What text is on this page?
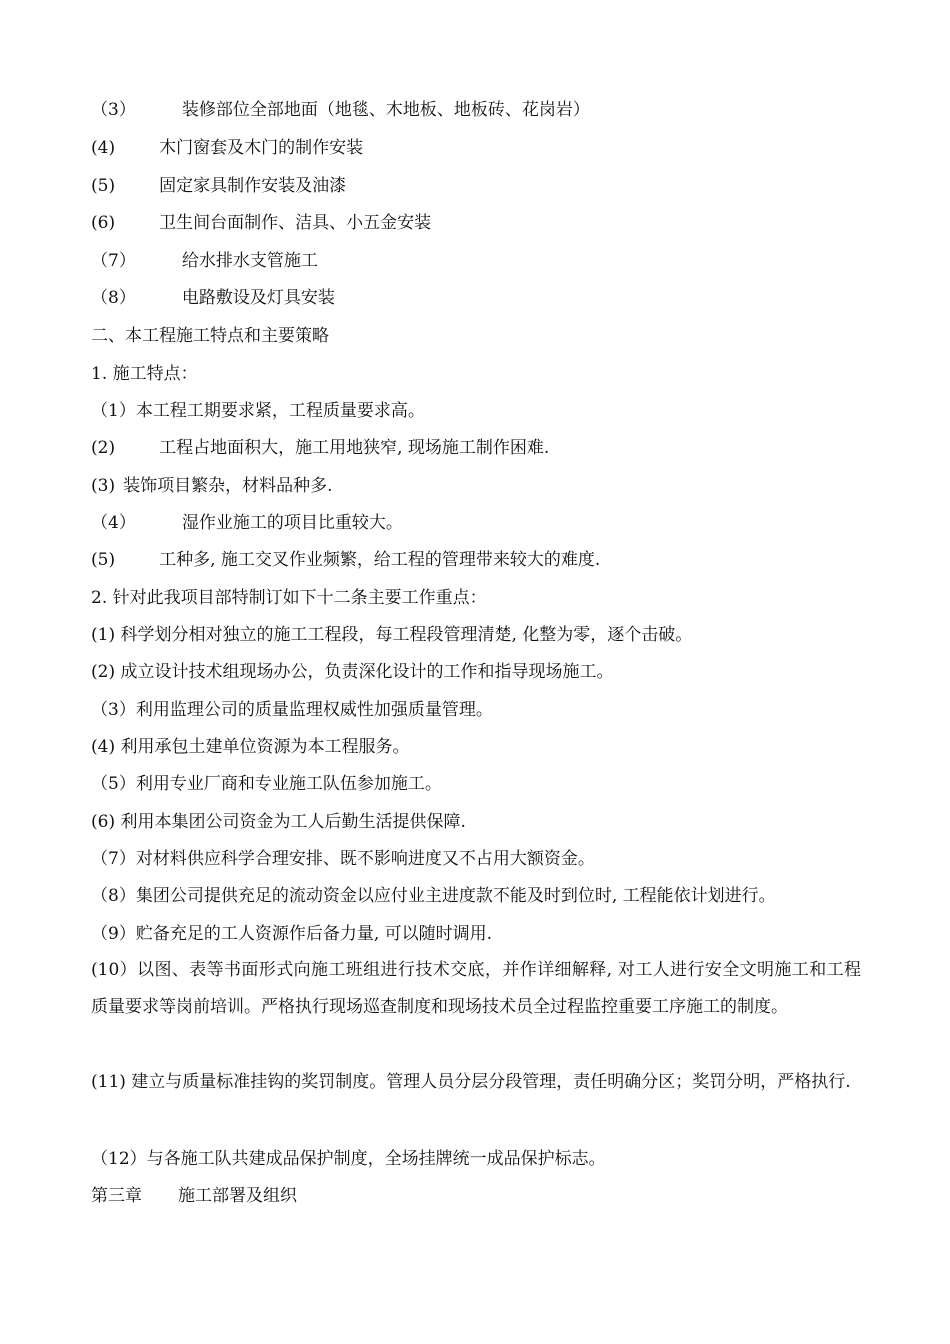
（3）	装修部位全部地面（地毯、木地板、地板砖、花岗岩）
(4)	木门窗套及木门的制作安装
(5)	固定家具制作安装及油漆
(6)	卫生间台面制作、洁具、小五金安装
（7）	给水排水支管施工
（8）	电路敷设及灯具安装
二、本工程施工特点和主要策略
1. 施工特点：
（1）本工程工期要求紧，工程质量要求高。
(2)	工程占地面积大，施工用地狭窄, 现场施工制作困难.
(3) 装饰项目繁杂，材料品种多.
（4）	湿作业施工的项目比重较大。
(5)	工种多, 施工交叉作业频繁，给工程的管理带来较大的难度.
2. 针对此我项目部特制订如下十二条主要工作重点：
(1) 科学划分相对独立的施工工程段，每工程段管理清楚, 化整为零，逐个击破。
(2) 成立设计技术组现场办公，负责深化设计的工作和指导现场施工。
（3）利用监理公司的质量监理权威性加强质量管理。
(4) 利用承包土建单位资源为本工程服务。
（5）利用专业厂商和专业施工队伍参加施工。
(6) 利用本集团公司资金为工人后勤生活提供保障.
（7）对材料供应科学合理安排、既不影响进度又不占用大额资金。
（8）集团公司提供充足的流动资金以应付业主进度款不能及时到位时, 工程能依计划进行。
（9）贮备充足的工人资源作后备力量, 可以随时调用.
(10）以图、表等书面形式向施工班组进行技术交底，并作详细解释, 对工人进行安全文明施工和工程质量要求等岗前培训。严格执行现场巡查制度和现场技术员全过程监控重要工序施工的制度。
(11) 建立与质量标准挂钩的奖罚制度。管理人员分层分段管理，责任明确分区；奖罚分明，严格执行.
（12）与各施工队共建成品保护制度，全场挂牌统一成品保护标志。
第三章 施工部署及组织
